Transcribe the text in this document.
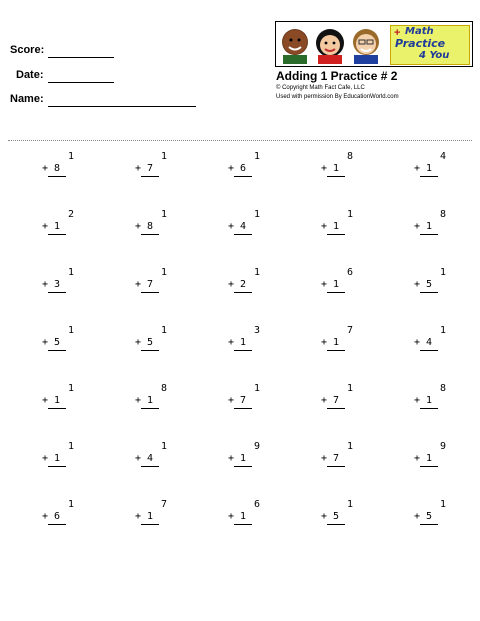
Score:
Date:
Name:
+ Math
Practice
4 You
Adding 1 Practice # 2
© Copyright Math Fact Cafe, LLC
Used with permission By EducationWorld.com
1
+ 8
1
+ 7
1
+ 6
8
+ 1
4
+ 1
2
+ 1
1
+ 8
1
+ 4
1
+ 1
8
+ 1
1
+ 3
1
+ 7
1
+ 2
6
+ 1
1
+ 5
1
+ 5
1
+ 5
3
+ 1
7
+ 1
1
+ 4
1
+ 1
8
+ 1
1
+ 7
1
+ 7
8
+ 1
1
+ 1
1
+ 4
9
+ 1
1
+ 7
9
+ 1
1
+ 6
7
+ 1
6
+ 1
1
+ 5
1
+ 5
